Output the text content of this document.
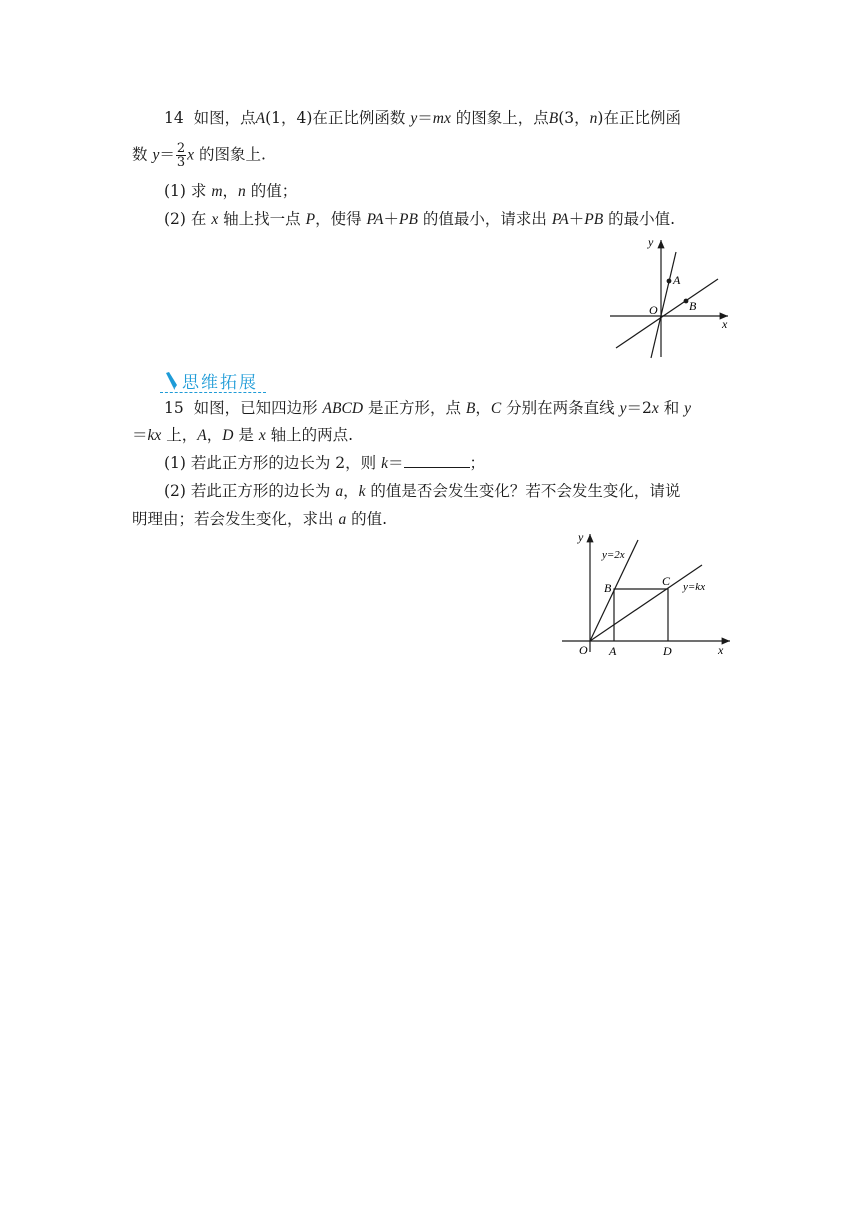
14 如图，点A(1，4)在正比例函数 y＝mx 的图象上，点B(3，n)在正比例函
数 $y= \frac{2}{3}$ x 的图象上.
(1) 求 m，n 的值；
(2) 在 x 轴上找一点 P，使得 PA＋PB 的值最小，请求出 PA＋PB 的最小值.
y
x
O
A
B
思维拓展
15 如图，已知四边形 ABCD 是正方形，点 B，C 分别在两条直线 y＝2x 和 y
＝kx 上，A，D 是 x 轴上的两点.
(1) 若此正方形的边长为 2，则 k＝	；
(2) 若此正方形的边长为 a，k 的值是否会发生变化？若不会发生变化，请说
明理由；若会发生变化，求出 a 的值.
y
x
O A	D
B	C
y=2x
y=kx
